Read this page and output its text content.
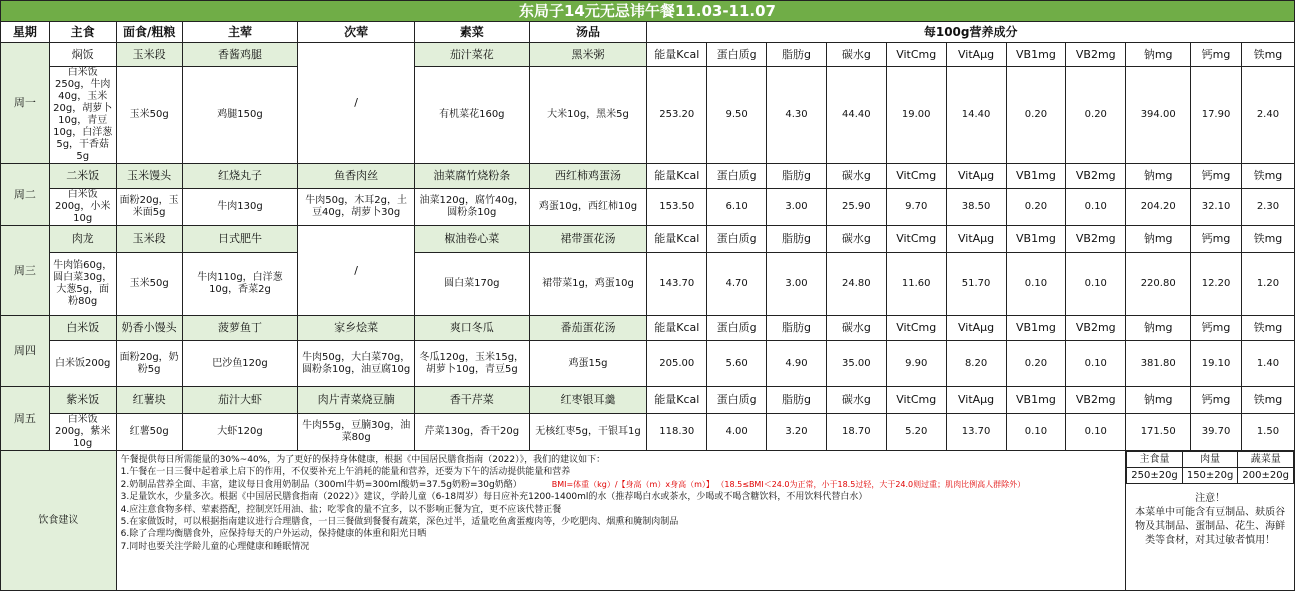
东局子14元无忌讳午餐11.03-11.07
星期	主食	面食/粗粮	主荤	次荤	素菜	汤品	每100g营养成分
周一	焖饭	玉米段	香酱鸡腿	/	茄汁菜花	黑米粥	能量Kcal	蛋白质g	脂肪g	碳水g	VitCmg	VitAμg	VB1mg	VB2mg	钠mg	钙mg	铁mg
白米饭250g，牛肉40g，玉米20g，胡萝卜10g，青豆10g，白洋葱5g，干香菇5g	玉米50g	鸡腿150g	有机菜花160g	大米10g，黑米5g	253.20	9.50	4.30	44.40	19.00	14.40	0.20	0.20	394.00	17.90	2.40
周二	二米饭	玉米馒头	红烧丸子	鱼香肉丝	油菜腐竹烧粉条	西红柿鸡蛋汤	能量Kcal	蛋白质g	脂肪g	碳水g	VitCmg	VitAμg	VB1mg	VB2mg	钠mg	钙mg	铁mg
白米饭200g，小米10g	面粉20g，玉米面5g	牛肉130g	牛肉50g，木耳2g，土豆40g，胡萝卜30g	油菜120g，腐竹40g，圆粉条10g	鸡蛋10g，西红柿10g	153.50	6.10	3.00	25.90	9.70	38.50	0.20	0.10	204.20	32.10	2.30
周三	肉龙	玉米段	日式肥牛	/	椒油卷心菜	裙带蛋花汤	能量Kcal	蛋白质g	脂肪g	碳水g	VitCmg	VitAμg	VB1mg	VB2mg	钠mg	钙mg	铁mg
牛肉馅60g，圆白菜30g，大葱5g，面粉80g	玉米50g	牛肉110g，白洋葱10g，香菜2g	圆白菜170g	裙带菜1g，鸡蛋10g	143.70	4.70	3.00	24.80	11.60	51.70	0.10	0.10	220.80	12.20	1.20
周四	白米饭	奶香小馒头	菠萝鱼丁	家乡烩菜	爽口冬瓜	番茄蛋花汤	能量Kcal	蛋白质g	脂肪g	碳水g	VitCmg	VitAμg	VB1mg	VB2mg	钠mg	钙mg	铁mg
白米饭200g	面粉20g，奶粉5g	巴沙鱼120g	牛肉50g，大白菜70g，圆粉条10g，油豆腐10g	冬瓜120g，玉米15g，胡萝卜10g，青豆5g	鸡蛋15g	205.00	5.60	4.90	35.00	9.90	8.20	0.20	0.10	381.80	19.10	1.40
周五	紫米饭	红薯块	茄汁大虾	肉片青菜烧豆腩	香干芹菜	红枣银耳羹	能量Kcal	蛋白质g	脂肪g	碳水g	VitCmg	VitAμg	VB1mg	VB2mg	钠mg	钙mg	铁mg
白米饭200g，紫米10g	红薯50g	大虾120g	牛肉55g，豆腩30g，油菜80g	芹菜130g，香干20g	无核红枣5g，干银耳1g	118.30	4.00	3.20	18.70	5.20	13.70	0.10	0.10	171.50	39.70	1.50
饮食建议	
午餐提供每日所需能量的30%~40%，为了更好的保持身体健康，根据《中国居民膳食指南（2022）》，我们的建议如下：
1.午餐在一日三餐中起着承上启下的作用，不仅要补充上午消耗的能量和营养，还要为下午的活动提供能量和营养
2.奶制品营养全面、丰富，建议每日食用奶制品（300ml牛奶=300ml酸奶=37.5g奶粉=30g奶酪）	BMI=体重（kg）/【身高（m）x身高（m）】 （18.5≤BMI＜24.0为正常，小于18.5过轻，大于24.0则过重；肌肉比例高人群除外）
3.足量饮水，少量多次。根据《中国居民膳食指南（2022）》建议，学龄儿童（6-18周岁）每日应补充1200-1400ml的水（推荐喝白水或茶水，少喝或不喝含糖饮料，不用饮料代替白水）
4.应注意食物多样、荤素搭配，控制烹饪用油、盐；吃零食的量不宜多，以不影响正餐为宜，更不应该代替正餐
5.在家做饭时，可以根据指南建议进行合理膳食，一日三餐做到餐餐有蔬菜，深色过半，适量吃鱼禽蛋瘦肉等，少吃肥肉、烟熏和腌制肉制品
6.除了合理均衡膳食外，应保持每天的户外运动，保持健康的体重和阳光日晒
7.同时也要关注学龄儿童的心理健康和睡眠情况

主食量	肉量	蔬菜量
250±20g	150±20g	200±20g
注意！
本菜单中可能含有豆制品、麸质谷物及其制品、蛋制品、花生、海鲜类等食材，对其过敏者慎用！
